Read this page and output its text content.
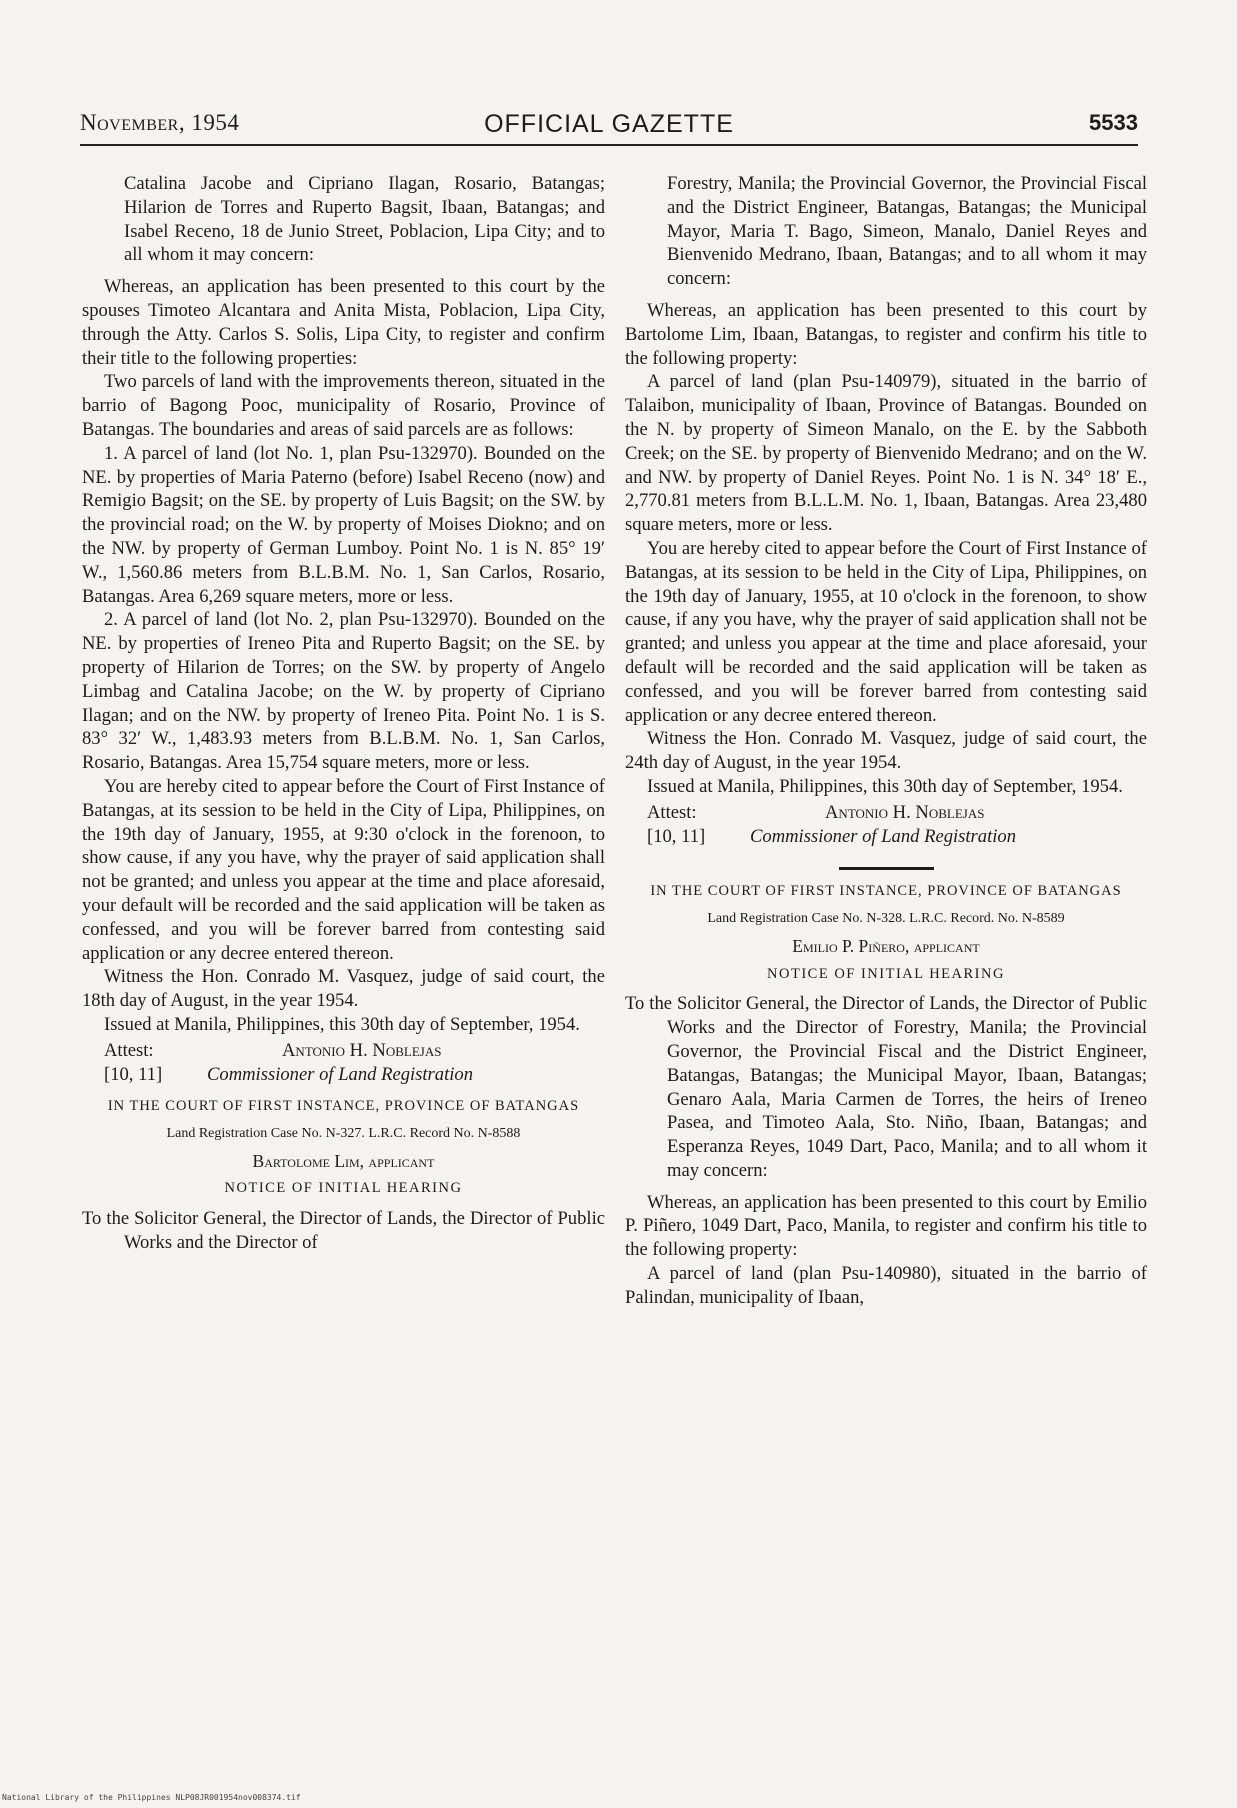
November, 1954	OFFICIAL GAZETTE	5533

Catalina Jacobe and Cipriano Ilagan, Rosario, Batangas; Hilarion de Torres and Ruperto Bagsit, Ibaan, Batangas; and Isabel Receno, 18 de Junio Street, Poblacion, Lipa City; and to all whom it may concern:

Whereas, an application has been presented to this court by the spouses Timoteo Alcantara and Anita Mista, Poblacion, Lipa City, through the Atty. Carlos S. Solis, Lipa City, to register and confirm their title to the following properties:

Two parcels of land with the improvements thereon, situated in the barrio of Bagong Pooc, municipality of Rosario, Province of Batangas. The boundaries and areas of said parcels are as follows:

1. A parcel of land (lot No. 1, plan Psu-132970). Bounded on the NE. by properties of Maria Paterno (before) Isabel Receno (now) and Remigio Bagsit; on the SE. by property of Luis Bagsit; on the SW. by the provincial road; on the W. by property of Moises Diokno; and on the NW. by property of German Lumboy. Point No. 1 is N. 85° 19′ W., 1,560.86 meters from B.L.B.M. No. 1, San Carlos, Rosario, Batangas. Area 6,269 square meters, more or less.

2. A parcel of land (lot No. 2, plan Psu-132970). Bounded on the NE. by properties of Ireneo Pita and Ruperto Bagsit; on the SE. by property of Hilarion de Torres; on the SW. by property of Angelo Limbag and Catalina Jacobe; on the W. by property of Cipriano Ilagan; and on the NW. by property of Ireneo Pita. Point No. 1 is S. 83° 32′ W., 1,483.93 meters from B.L.B.M. No. 1, San Carlos, Rosario, Batangas. Area 15,754 square meters, more or less.

You are hereby cited to appear before the Court of First Instance of Batangas, at its session to be held in the City of Lipa, Philippines, on the 19th day of January, 1955, at 9:30 o'clock in the forenoon, to show cause, if any you have, why the prayer of said application shall not be granted; and unless you appear at the time and place aforesaid, your default will be recorded and the said application will be taken as confessed, and you will be forever barred from contesting said application or any decree entered thereon.

Witness the Hon. Conrado M. Vasquez, judge of said court, the 18th day of August, in the year 1954.

Issued at Manila, Philippines, this 30th day of September, 1954.

Attest:	Antonio H. Noblejas
[10, 11] Commissioner of Land Registration

IN THE COURT OF FIRST INSTANCE, PROVINCE OF BATANGAS

Land Registration Case No. N-327. L.R.C. Record No. N-8588

Bartolome Lim, applicant

NOTICE OF INITIAL HEARING

To the Solicitor General, the Director of Lands, the Director of Public Works and the Director of

Forestry, Manila; the Provincial Governor, the Provincial Fiscal and the District Engineer, Batangas, Batangas; the Municipal Mayor, Maria T. Bago, Simeon, Manalo, Daniel Reyes and Bienvenido Medrano, Ibaan, Batangas; and to all whom it may concern:

Whereas, an application has been presented to this court by Bartolome Lim, Ibaan, Batangas, to register and confirm his title to the following property:

A parcel of land (plan Psu-140979), situated in the barrio of Talaibon, municipality of Ibaan, Province of Batangas. Bounded on the N. by property of Simeon Manalo, on the E. by the Sabboth Creek; on the SE. by property of Bienvenido Medrano; and on the W. and NW. by property of Daniel Reyes. Point No. 1 is N. 34° 18′ E., 2,770.81 meters from B.L.L.M. No. 1, Ibaan, Batangas. Area 23,480 square meters, more or less.

You are hereby cited to appear before the Court of First Instance of Batangas, at its session to be held in the City of Lipa, Philippines, on the 19th day of January, 1955, at 10 o'clock in the forenoon, to show cause, if any you have, why the prayer of said application shall not be granted; and unless you appear at the time and place aforesaid, your default will be recorded and the said application will be taken as confessed, and you will be forever barred from contesting said application or any decree entered thereon.

Witness the Hon. Conrado M. Vasquez, judge of said court, the 24th day of August, in the year 1954.

Issued at Manila, Philippines, this 30th day of September, 1954.

Attest:	Antonio H. Noblejas
[10, 11] Commissioner of Land Registration

IN THE COURT OF FIRST INSTANCE, PROVINCE OF BATANGAS

Land Registration Case No. N-328. L.R.C. Record. No. N-8589

Emilio P. Piñero, applicant

NOTICE OF INITIAL HEARING

To the Solicitor General, the Director of Lands, the Director of Public Works and the Director of Forestry, Manila; the Provincial Governor, the Provincial Fiscal and the District Engineer, Batangas, Batangas; the Municipal Mayor, Ibaan, Batangas; Genaro Aala, Maria Carmen de Torres, the heirs of Ireneo Pasea, and Timoteo Aala, Sto. Niño, Ibaan, Batangas; and Esperanza Reyes, 1049 Dart, Paco, Manila; and to all whom it may concern:

Whereas, an application has been presented to this court by Emilio P. Piñero, 1049 Dart, Paco, Manila, to register and confirm his title to the following property:

A parcel of land (plan Psu-140980), situated in the barrio of Palindan, municipality of Ibaan,

National Library of the Philippines NLP08JR001954nov008374.tif
